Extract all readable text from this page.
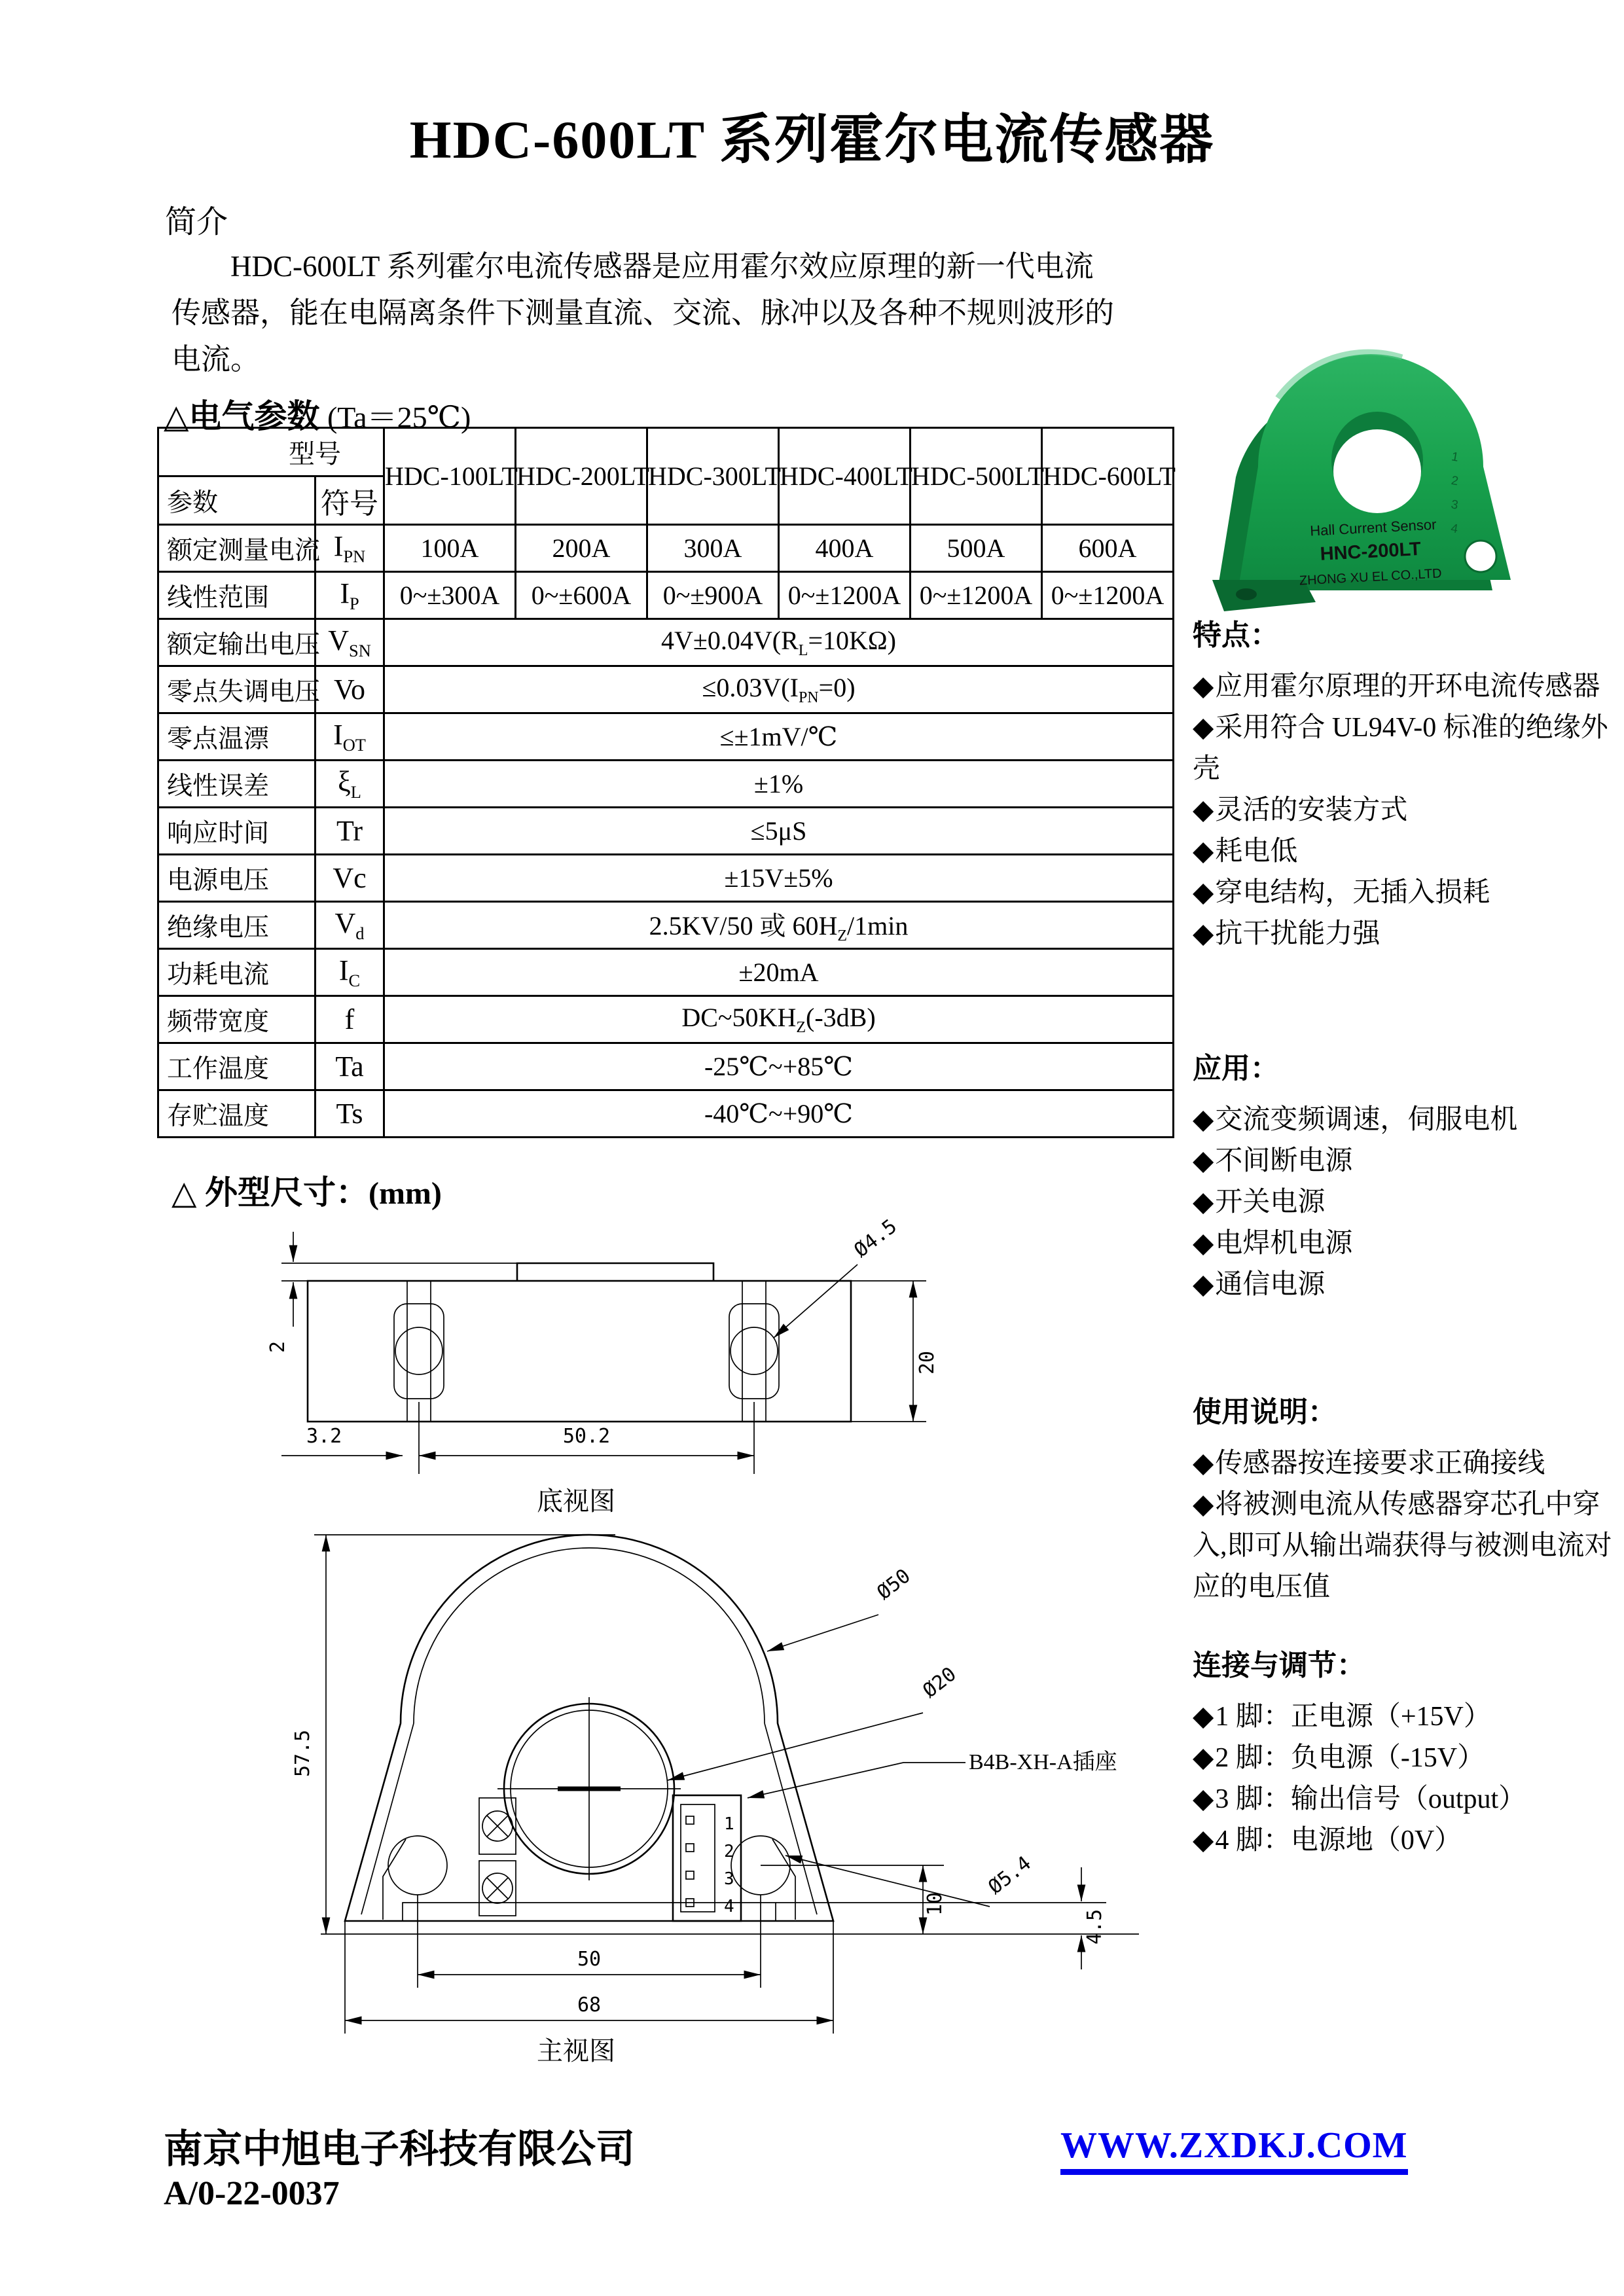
HDC-600LT 系列霍尔电流传感器
简介

HDC-600LT 系列霍尔电流传感器是应用霍尔效应原理的新一代电流传感器，能在电隔离条件下测量直流、交流、脉冲以及各种不规则波形的电流。

△电气参数 (Ta＝25℃)
型号		HDC-100LT	HDC-200LT	HDC-300LT	HDC-400LT	HDC-500LT	HDC-600LT
参数	符号						
额定测量电流	$I_{PN}$	100A	200A	300A	400A	500A	600A
线性范围	$I_P$	0~±300A	0~±600A	0~±900A	0~±1200A	0~±1200A	0~±1200A
额定输出电压	$V_{SN}$	$4V\pm 0.04V(R_L=10K\Omega)$					
零点失调电压	Vo	$\le 0.03V(I_{PN}=0)$					
零点温漂	$I_{OT}$	≤±1mV/℃					
线性误差	$\xi_L$	±1%					
响应时间	Tr	≤5μS					
电源电压	Vc	±15V±5%					
绝缘电压	$V_d$	2.5KV/50 或 $60H_Z/1\min$					
功耗电流	$I_C$	±20mA					
频带宽度	f	$DC\sim 50KH_Z(-3dB)$					
工作温度	Ta	-25℃~+85℃					
存贮温度	Ts	-40℃~+90℃					
Hall Current Sensor
HNC-200LT
ZHONG XU EL CO.,LTD
1
2
3
4
特点：
◆应用霍尔原理的开环电流传感器
◆采用符合 UL94V-0 标准的绝缘外壳
◆灵活的安装方式
◆耗电低
◆穿电结构，无插入损耗
◆抗干扰能力强
应用：
◆交流变频调速，伺服电机
◆不间断电源
◆开关电源
◆电焊机电源
◆通信电源
使用说明：
◆传感器按连接要求正确接线
◆将被测电流从传感器穿芯孔中穿入,即可从输出端获得与被测电流对应的电压值
连接与调节：
◆1 脚：正电源（+15V）
◆2 脚：负电源（-15V）
◆3 脚：输出信号（output）
◆4 脚：电源地（0V）
△ 外型尺寸：(mm)
2
3.2	50.2
20
Ø4.5
底视图
1
2
3
4
57.5
Ø50
Ø20
B4B-XH-A插座
Ø5.4
10
4.5
50
68
主视图
南京中旭电子科技有限公司
A/0-22-0037
WWW.ZXDKJ.COM
